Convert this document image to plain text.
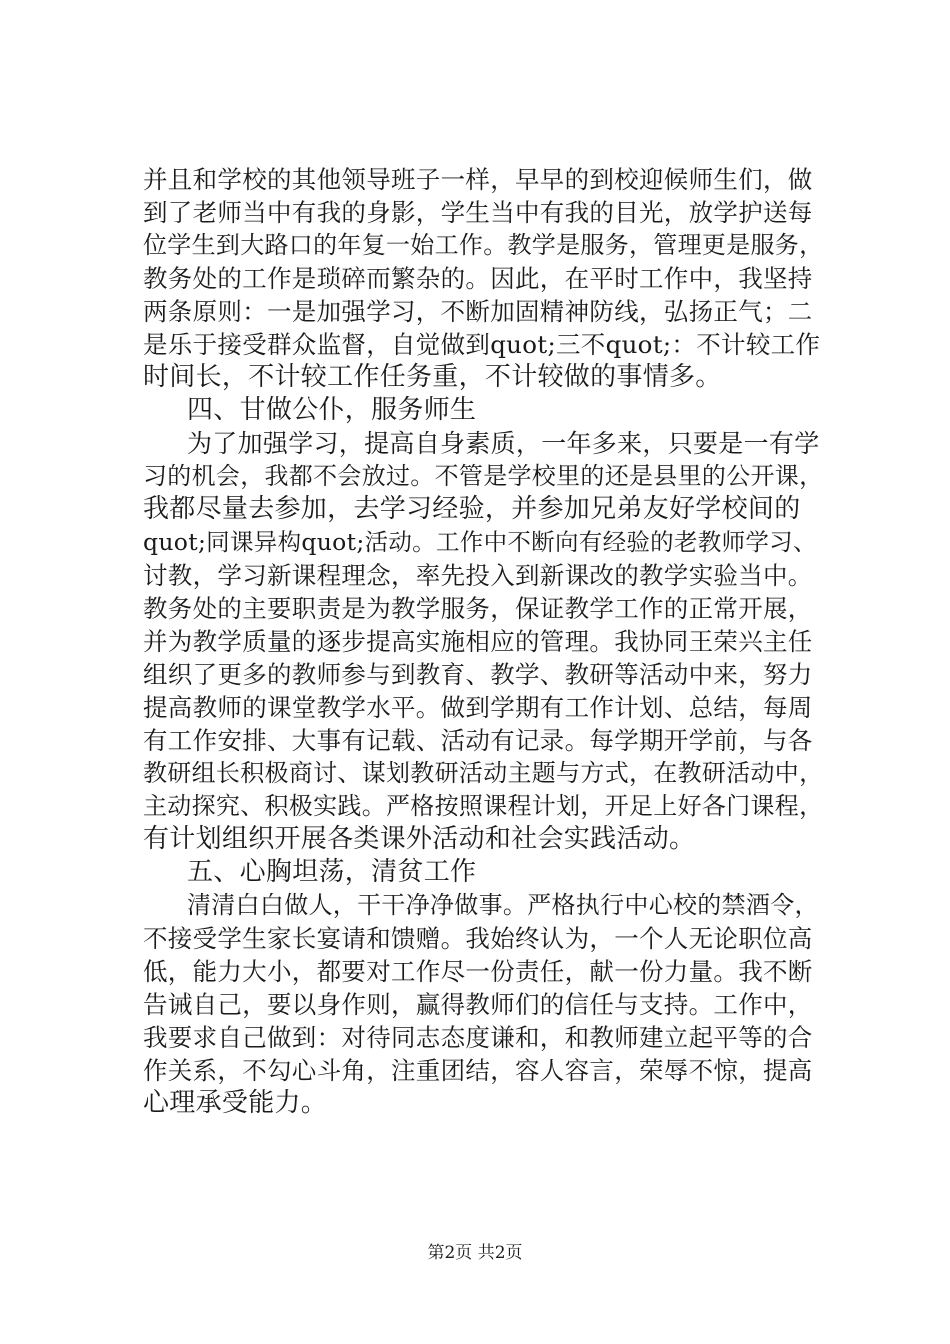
并且和学校的其他领导班子一样，早早的到校迎候师生们，做
到了老师当中有我的身影，学生当中有我的目光，放学护送每
位学生到大路口的年复一始工作。教学是服务，管理更是服务，
教务处的工作是琐碎而繁杂的。因此，在平时工作中，我坚持
两条原则：一是加强学习，不断加固精神防线，弘扬正气；二
是乐于接受群众监督，自觉做到quot;三不quot;：不计较工作
时间长，不计较工作任务重，不计较做的事情多。
四、甘做公仆，服务师生
为了加强学习，提高自身素质，一年多来，只要是一有学
习的机会，我都不会放过。不管是学校里的还是县里的公开课，
我都尽量去参加，去学习经验，并参加兄弟友好学校间的
quot;同课异构quot;活动。工作中不断向有经验的老教师学习、
讨教，学习新课程理念，率先投入到新课改的教学实验当中。
教务处的主要职责是为教学服务，保证教学工作的正常开展，
并为教学质量的逐步提高实施相应的管理。我协同王荣兴主任
组织了更多的教师参与到教育、教学、教研等活动中来，努力
提高教师的课堂教学水平。做到学期有工作计划、总结，每周
有工作安排、大事有记载、活动有记录。每学期开学前，与各
教研组长积极商讨、谋划教研活动主题与方式，在教研活动中，
主动探究、积极实践。严格按照课程计划，开足上好各门课程，
有计划组织开展各类课外活动和社会实践活动。
五、心胸坦荡，清贫工作
清清白白做人，干干净净做事。严格执行中心校的禁酒令，
不接受学生家长宴请和馈赠。我始终认为，一个人无论职位高
低，能力大小，都要对工作尽一份责任，献一份力量。我不断
告诫自己，要以身作则，赢得教师们的信任与支持。工作中，
我要求自己做到：对待同志态度谦和，和教师建立起平等的合
作关系，不勾心斗角，注重团结，容人容言，荣辱不惊，提高
心理承受能力。
第2页 共2页
